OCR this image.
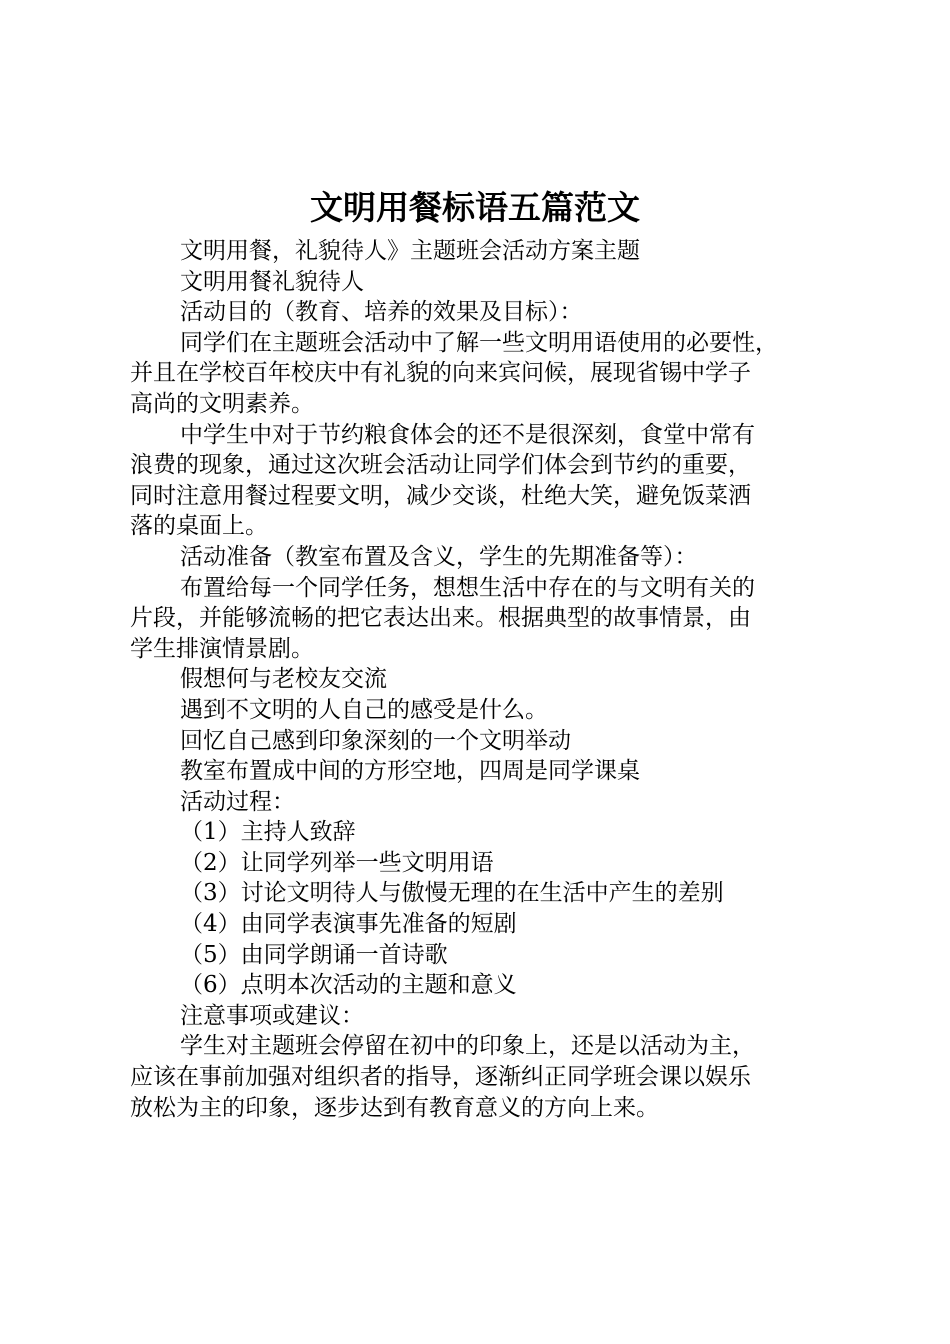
文明用餐标语五篇范文

文明用餐，礼貌待人》主题班会活动方案主题

文明用餐礼貌待人

活动目的（教育、培养的效果及目标）：

同学们在主题班会活动中了解一些文明用语使用的必要性，

并且在学校百年校庆中有礼貌的向来宾问候，展现省锡中学子

高尚的文明素养。

中学生中对于节约粮食体会的还不是很深刻，食堂中常有

浪费的现象，通过这次班会活动让同学们体会到节约的重要，

同时注意用餐过程要文明，减少交谈，杜绝大笑，避免饭菜洒

落的桌面上。

活动准备（教室布置及含义，学生的先期准备等）：

布置给每一个同学任务，想想生活中存在的与文明有关的

片段，并能够流畅的把它表达出来。根据典型的故事情景，由

学生排演情景剧。

假想何与老校友交流

遇到不文明的人自己的感受是什么。

回忆自己感到印象深刻的一个文明举动

教室布置成中间的方形空地，四周是同学课桌

活动过程：

（1）主持人致辞

（2）让同学列举一些文明用语

（3）讨论文明待人与傲慢无理的在生活中产生的差别

（4）由同学表演事先准备的短剧

（5）由同学朗诵一首诗歌

（6）点明本次活动的主题和意义

注意事项或建议：

学生对主题班会停留在初中的印象上，还是以活动为主，

应该在事前加强对组织者的指导，逐渐纠正同学班会课以娱乐

放松为主的印象，逐步达到有教育意义的方向上来。
